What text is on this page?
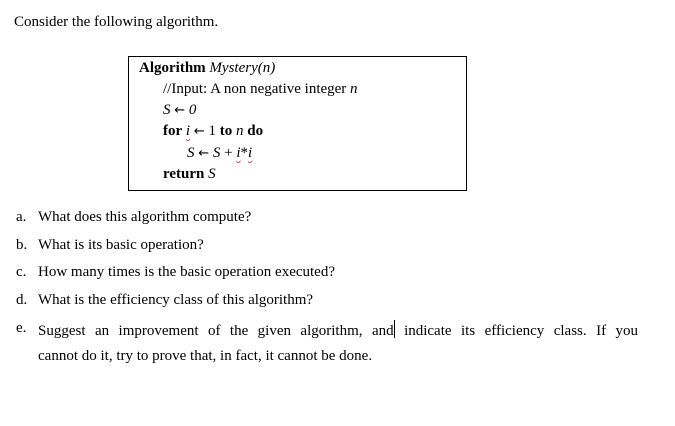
Consider the following algorithm.
Algorithm Mystery(n)
//Input: A non negative integer n
S ← 0
for i ← 1 to n do
S ← S + i*i
return S
a. What does this algorithm compute?
b. What is its basic operation?
c. How many times is the basic operation executed?
d. What is the efficiency class of this algorithm?
e. Suggest an improvement of the given algorithm, and indicate its efficiency class. If you
cannot do it, try to prove that, in fact, it cannot be done.
